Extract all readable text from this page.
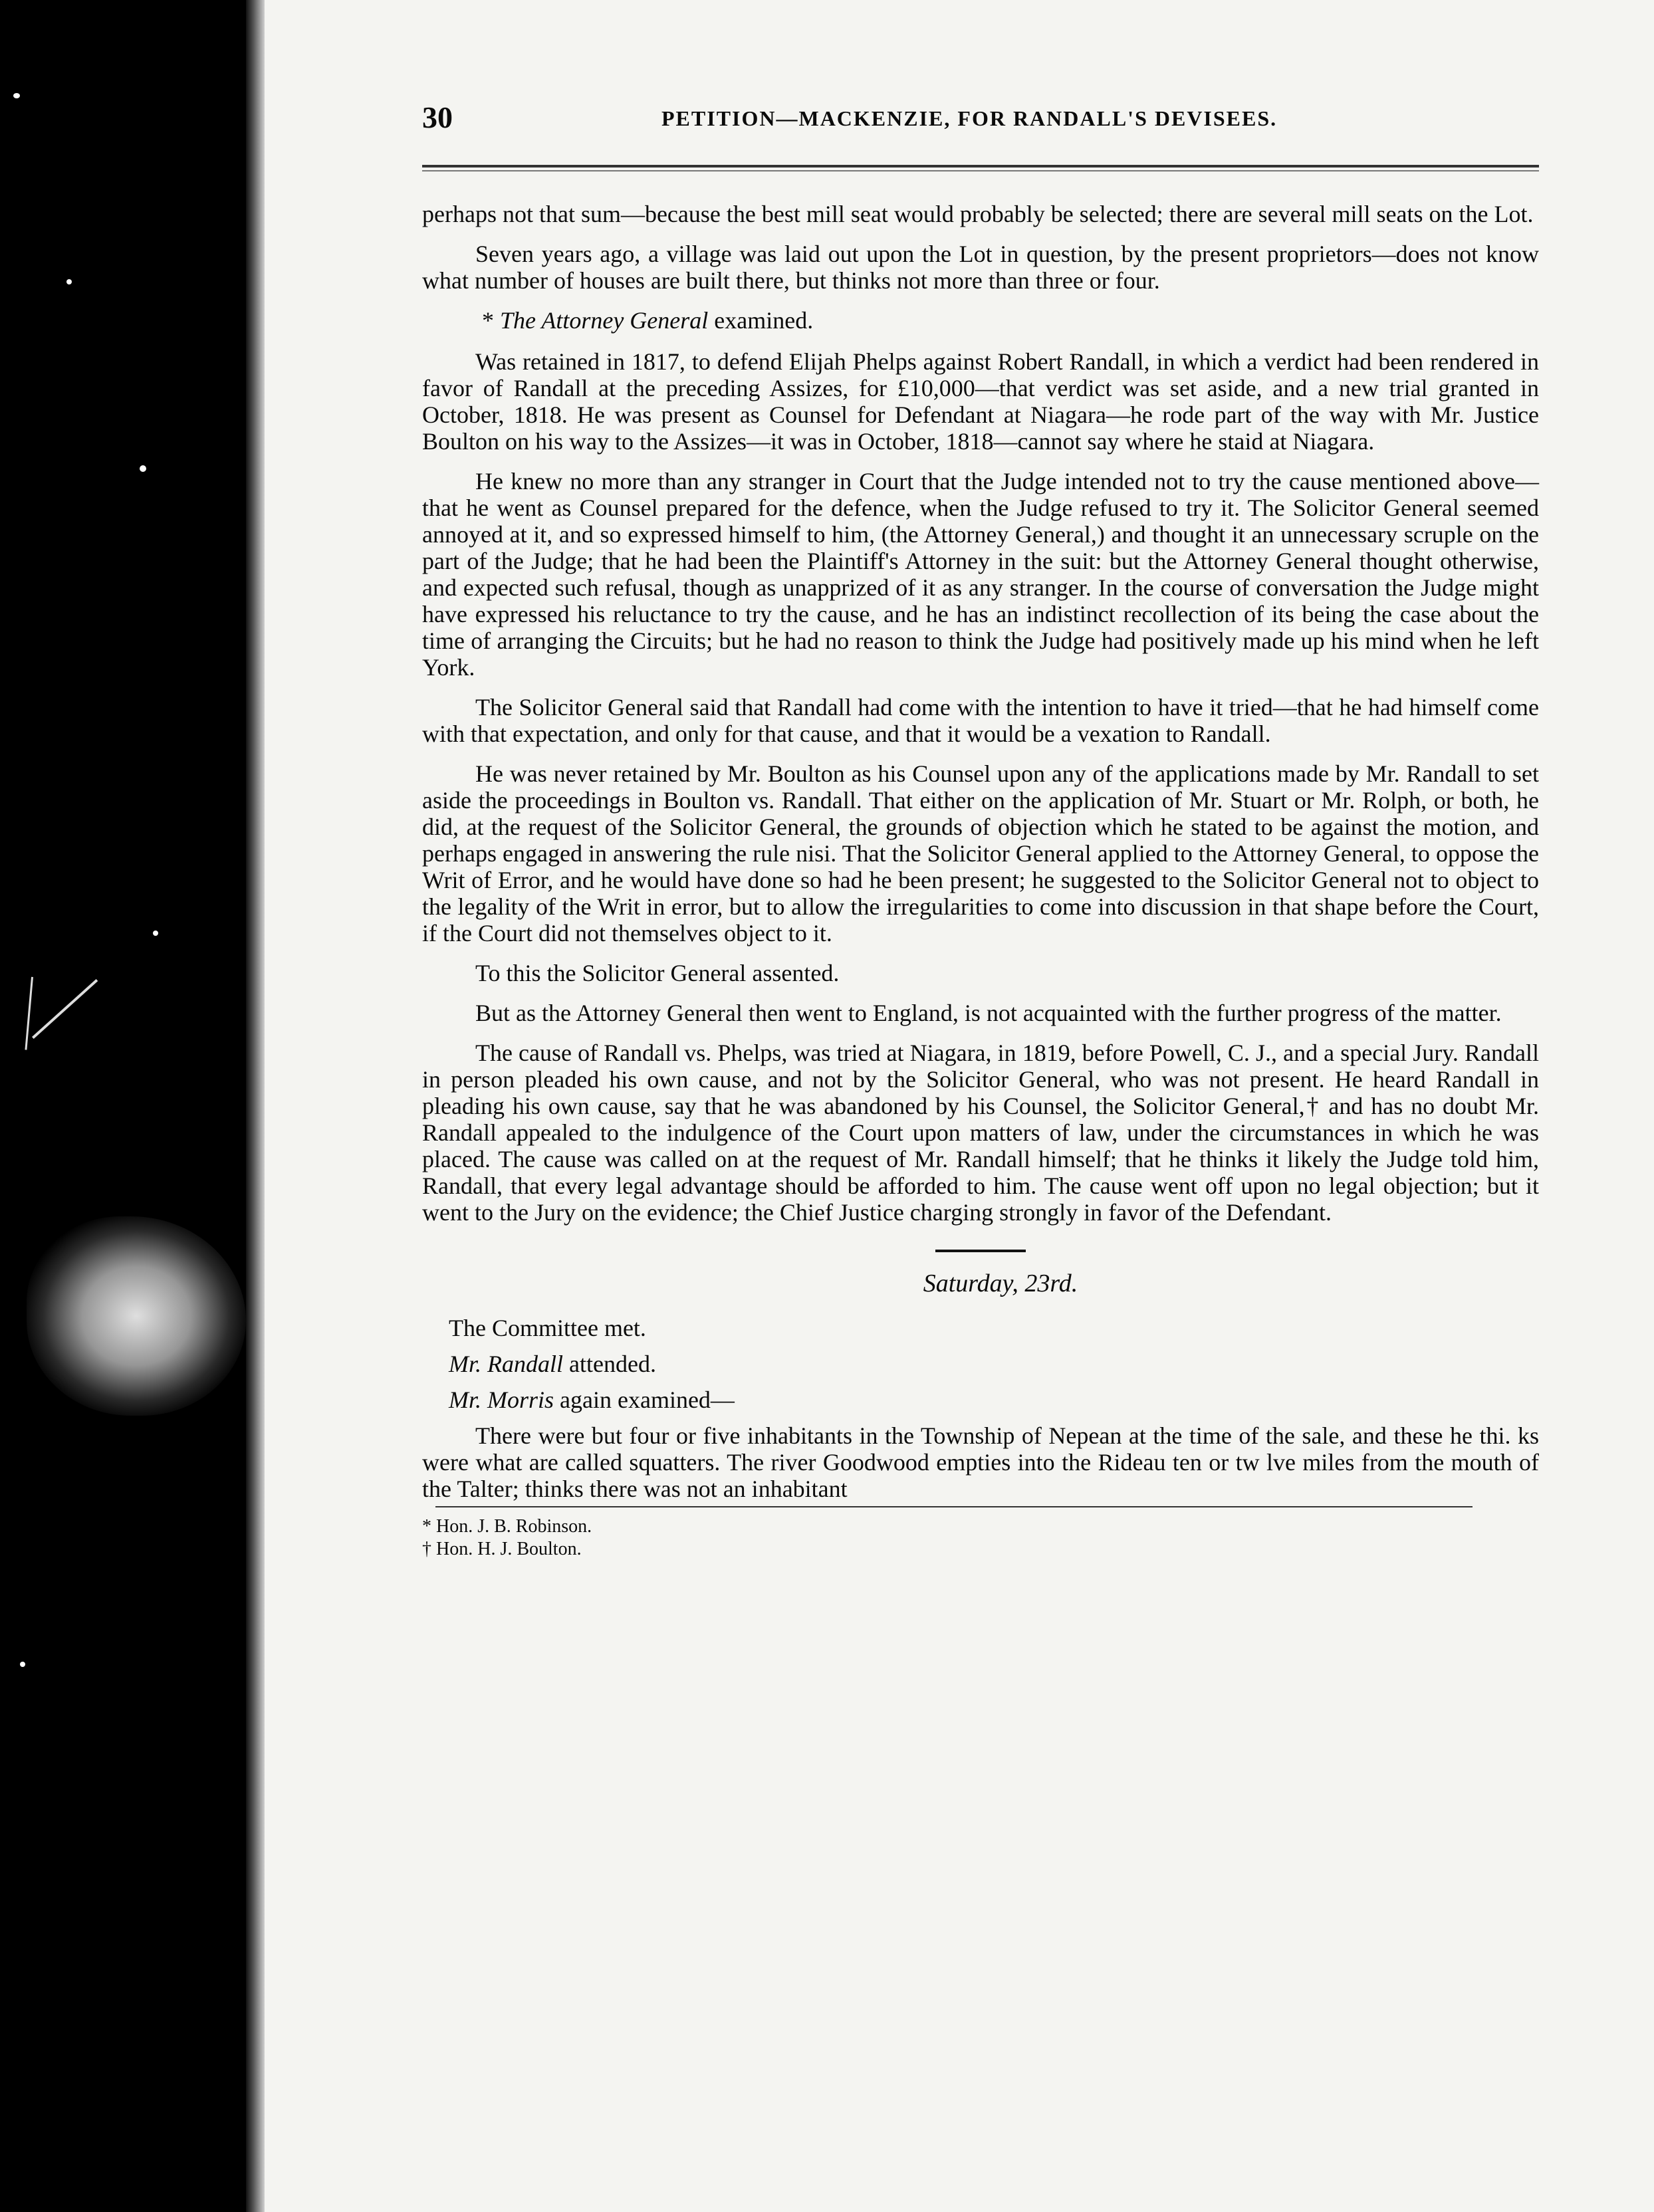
30	PETITION—MACKENZIE, FOR RANDALL'S DEVISEES.

perhaps not that sum—because the best mill seat would probably be selected; there are several mill seats on the Lot.

Seven years ago, a village was laid out upon the Lot in question, by the present proprietors—does not know what number of houses are built there, but thinks not more than three or four.

* The Attorney General examined.

Was retained in 1817, to defend Elijah Phelps against Robert Randall, in which a verdict had been rendered in favor of Randall at the preceding Assizes, for £10,000—that verdict was set aside, and a new trial granted in October, 1818. He was present as Counsel for Defendant at Niagara—he rode part of the way with Mr. Justice Boulton on his way to the Assizes—it was in October, 1818—cannot say where he staid at Niagara.

He knew no more than any stranger in Court that the Judge intended not to try the cause mentioned above—that he went as Counsel prepared for the defence, when the Judge refused to try it. The Solicitor General seemed annoyed at it, and so expressed himself to him, (the Attorney General,) and thought it an unnecessary scruple on the part of the Judge; that he had been the Plaintiff's Attorney in the suit: but the Attorney General thought otherwise, and expected such refusal, though as unapprized of it as any stranger. In the course of conversation the Judge might have expressed his reluctance to try the cause, and he has an indistinct recollection of its being the case about the time of arranging the Circuits; but he had no reason to think the Judge had positively made up his mind when he left York.

The Solicitor General said that Randall had come with the intention to have it tried—that he had himself come with that expectation, and only for that cause, and that it would be a vexation to Randall.

He was never retained by Mr. Boulton as his Counsel upon any of the applications made by Mr. Randall to set aside the proceedings in Boulton vs. Randall. That either on the application of Mr. Stuart or Mr. Rolph, or both, he did, at the request of the Solicitor General, the grounds of objection which he stated to be against the motion, and perhaps engaged in answering the rule nisi. That the Solicitor General applied to the Attorney General, to oppose the Writ of Error, and he would have done so had he been present; he suggested to the Solicitor General not to object to the legality of the Writ in error, but to allow the irregularities to come into discussion in that shape before the Court, if the Court did not themselves object to it.

To this the Solicitor General assented.

But as the Attorney General then went to England, is not acquainted with the further progress of the matter.

The cause of Randall vs. Phelps, was tried at Niagara, in 1819, before Powell, C. J., and a special Jury. Randall in person pleaded his own cause, and not by the Solicitor General, who was not present. He heard Randall in pleading his own cause, say that he was abandoned by his Counsel, the Solicitor General,† and has no doubt Mr. Randall appealed to the indulgence of the Court upon matters of law, under the circumstances in which he was placed. The cause was called on at the request of Mr. Randall himself; that he thinks it likely the Judge told him, Randall, that every legal advantage should be afforded to him. The cause went off upon no legal objection; but it went to the Jury on the evidence; the Chief Justice charging strongly in favor of the Defendant.

Saturday, 23rd.
The Committee met.
Mr. Randall attended.
Mr. Morris again examined—

There were but four or five inhabitants in the Township of Nepean at the time of the sale, and these he thi. ks were what are called squatters. The river Goodwood empties into the Rideau ten or tw lve miles from the mouth of the Talter; thinks there was not an inhabitant

* Hon. J. B. Robinson.
† Hon. H. J. Boulton.
